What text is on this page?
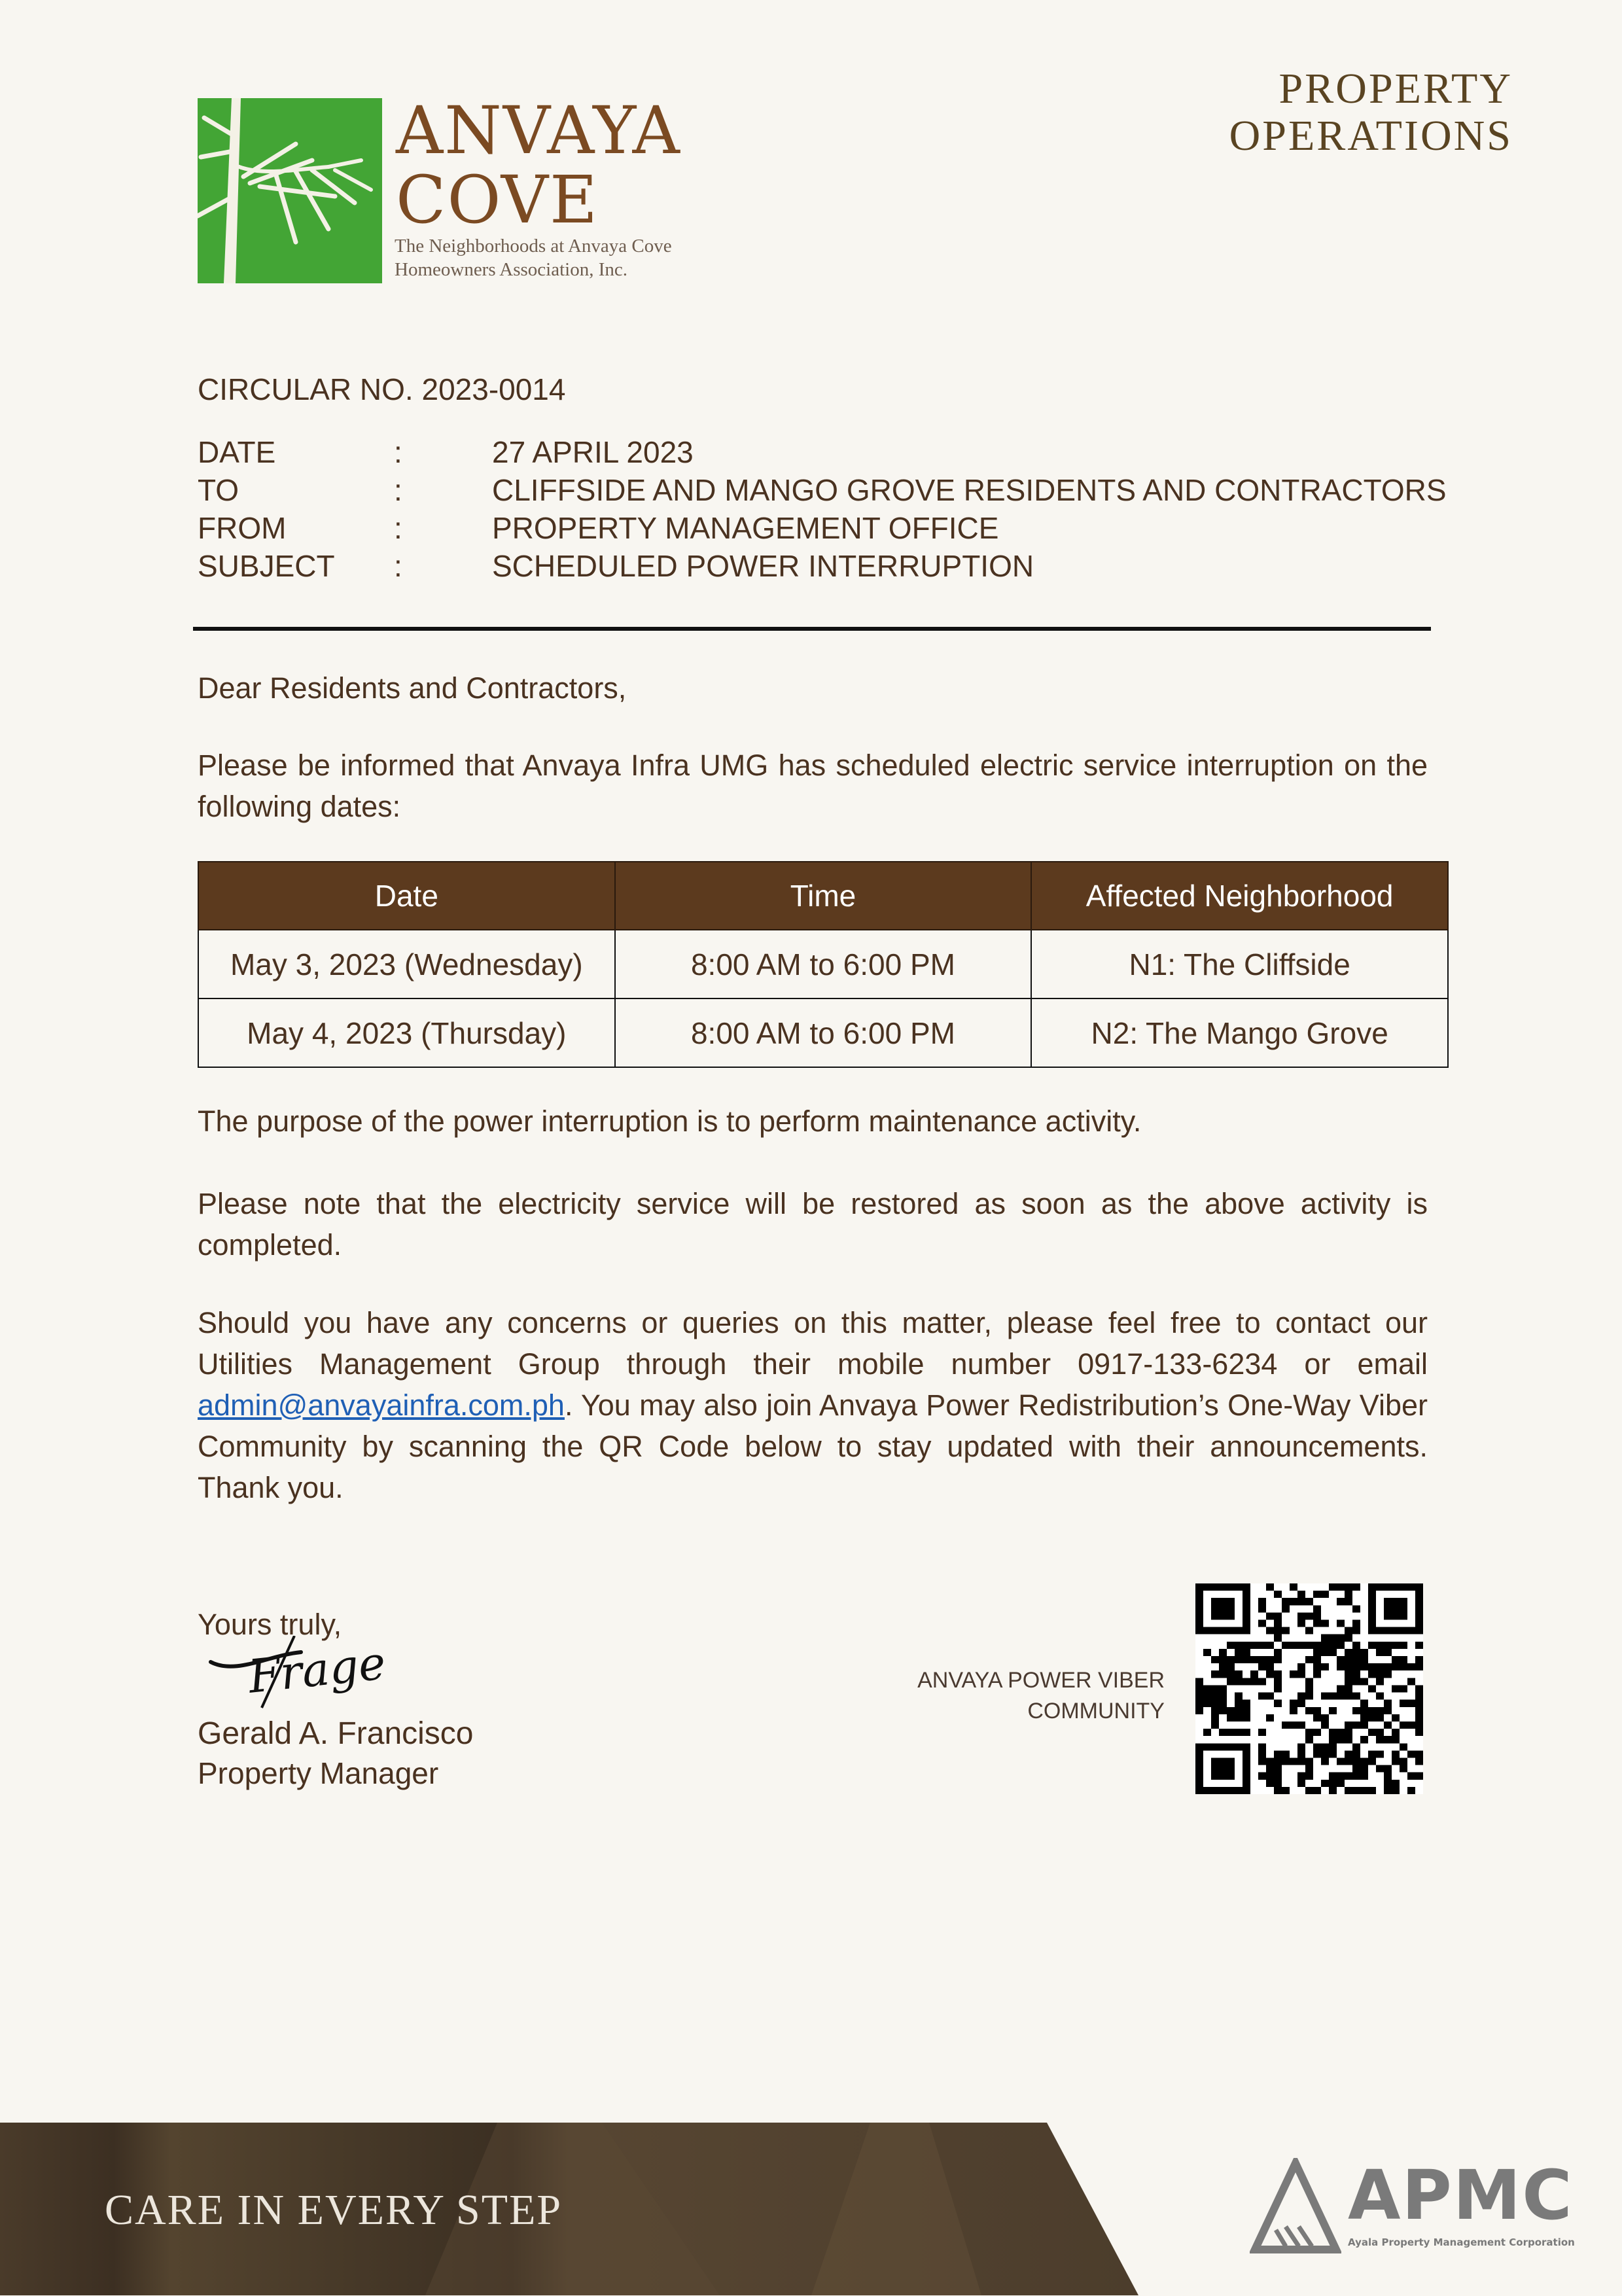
ANVAYA
COVE
The Neighborhoods at Anvaya Cove
Homeowners Association, Inc.
PROPERTY
OPERATIONS
CIRCULAR NO. 2023-0014
DATE	:	27 APRIL 2023
TO	:	CLIFFSIDE AND MANGO GROVE RESIDENTS AND CONTRACTORS
FROM	:	PROPERTY MANAGEMENT OFFICE
SUBJECT	:	SCHEDULED POWER INTERRUPTION
Dear Residents and Contractors,
Please be informed that Anvaya Infra UMG has scheduled electric service interruption on the following dates:
Date	Time	Affected Neighborhood
May 3, 2023 (Wednesday)	8:00 AM to 6:00 PM	N1: The Cliffside
May 4, 2023 (Thursday)	8:00 AM to 6:00 PM	N2: The Mango Grove
The purpose of the power interruption is to perform maintenance activity.
Please note that the electricity service will be restored as soon as the above activity is completed.
Should you have any concerns or queries on this matter, please feel free to contact our Utilities Management Group through their mobile number 0917-133-6234 or email admin@anvayainfra.com.ph. You may also join Anvaya Power Redistribution’s One-Way Viber Community by scanning the QR Code below to stay updated with their announcements. Thank you.
Yours truly,
Frage
Gerald A. Francisco
Property Manager
ANVAYA POWER VIBER
COMMUNITY
CARE IN EVERY STEP	APMC
Ayala Property Management Corporation
